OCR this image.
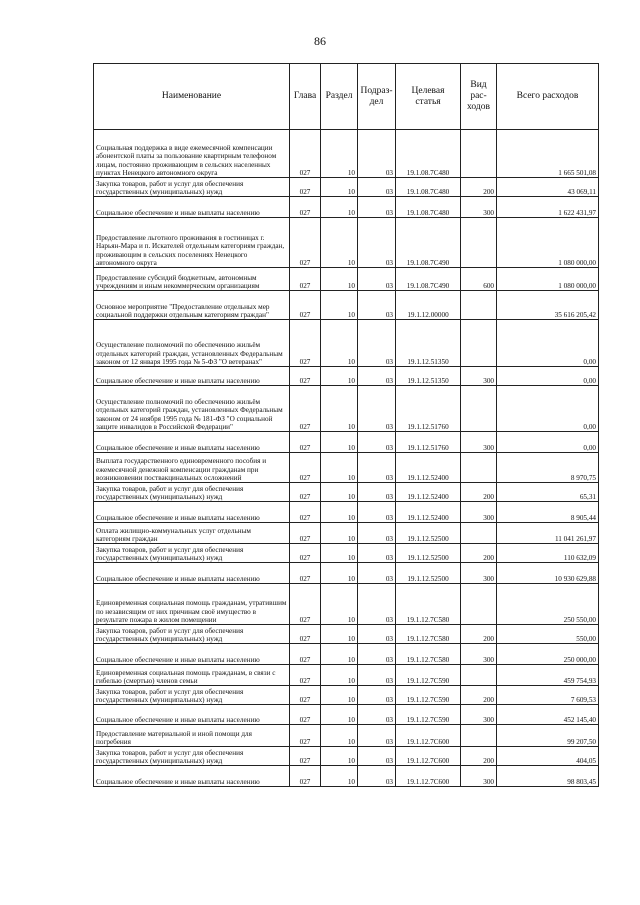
86
Наименование	Глава	Раздел	Подраз-дел	Целевая статья	Вид рас-ходов	Всего расходов
Социальная поддержка в виде ежемесячной компенсации абонентской платы за пользование квартирным телефоном лицам, постоянно проживающим в сельских населенных пунктах Ненецкого автономного округа	027	10	03	19.1.08.7С480		1 665 501,08
Закупка товаров, работ и услуг для обеспечения государственных (муниципальных) нужд	027	10	03	19.1.08.7С480	200	43 069,11
Социальное обеспечение и иные выплаты населению	027	10	03	19.1.08.7С480	300	1 622 431,97
Предоставление льготного проживания в гостиницах г. Нарьян-Мара и п. Искателей отдельным категориям граждан, проживающим в сельских поселениях Ненецкого автономного округа	027	10	03	19.1.08.7С490		1 080 000,00
Предоставление субсидий бюджетным, автономным учреждениям и иным некоммерческим организациям	027	10	03	19.1.08.7С490	600	1 080 000,00
Основное мероприятие "Предоставление отдельных мер социальной поддержки отдельным категориям граждан"	027	10	03	19.1.12.00000		35 616 205,42
Осуществление полномочий по обеспечению жильём отдельных категорий граждан, установленных Федеральным законом от 12 января 1995 года № 5-ФЗ "О ветеранах"	027	10	03	19.1.12.51350		0,00
Социальное обеспечение и иные выплаты населению	027	10	03	19.1.12.51350	300	0,00
Осуществление полномочий по обеспечению жильём отдельных категорий граждан, установленных Федеральным законом от 24 ноября 1995 года № 181-ФЗ "О социальной защите инвалидов в Российской Федерации"	027	10	03	19.1.12.51760		0,00
Социальное обеспечение и иные выплаты населению	027	10	03	19.1.12.51760	300	0,00
Выплата государственного единовременного пособия и ежемесячной денежной компенсации гражданам при возникновении поствакцинальных осложнений	027	10	03	19.1.12.52400		8 970,75
Закупка товаров, работ и услуг для обеспечения государственных (муниципальных) нужд	027	10	03	19.1.12.52400	200	65,31
Социальное обеспечение и иные выплаты населению	027	10	03	19.1.12.52400	300	8 905,44
Оплата жилищно-коммунальных услуг отдельным категориям граждан	027	10	03	19.1.12.52500		11 041 261,97
Закупка товаров, работ и услуг для обеспечения государственных (муниципальных) нужд	027	10	03	19.1.12.52500	200	110 632,09
Социальное обеспечение и иные выплаты населению	027	10	03	19.1.12.52500	300	10 930 629,88
Единовременная социальная помощь гражданам, утратившим по независящим от них причинам своё имущество в результате пожара в жилом помещении	027	10	03	19.1.12.7С580		250 550,00
Закупка товаров, работ и услуг для обеспечения государственных (муниципальных) нужд	027	10	03	19.1.12.7С580	200	550,00
Социальное обеспечение и иные выплаты населению	027	10	03	19.1.12.7С580	300	250 000,00
Единовременная социальная помощь гражданам, в связи с гибелью (смертью) членов семьи	027	10	03	19.1.12.7С590		459 754,93
Закупка товаров, работ и услуг для обеспечения государственных (муниципальных) нужд	027	10	03	19.1.12.7С590	200	7 609,53
Социальное обеспечение и иные выплаты населению	027	10	03	19.1.12.7С590	300	452 145,40
Предоставление материальной и иной помощи для погребения	027	10	03	19.1.12.7С600		99 207,50
Закупка товаров, работ и услуг для обеспечения государственных (муниципальных) нужд	027	10	03	19.1.12.7С600	200	404,05
Социальное обеспечение и иные выплаты населению	027	10	03	19.1.12.7С600	300	98 803,45
